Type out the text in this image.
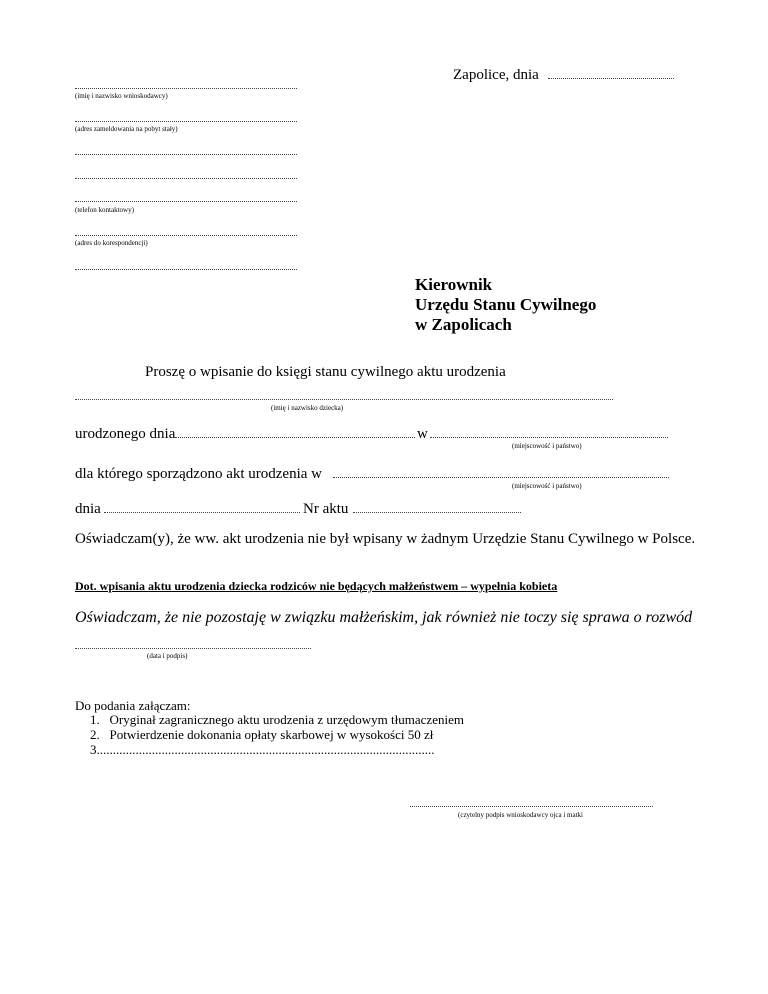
Zapolice, dnia
(imię i nazwisko wnioskodawcy)
(adres zameldowania na pobyt stały)
(telefon kontaktowy)
(adres do korespondencji)
Kierownik
Urzędu Stanu Cywilnego
w Zapolicach
Proszę o wpisanie do księgi stanu cywilnego aktu urodzenia
(imię i nazwisko dziecka)
urodzonego dnia	w
(miejscowość i państwo)
dla którego sporządzono akt urodzenia w
(miejscowość i państwo)
dnia	Nr aktu
Oświadczam(y), że ww. akt urodzenia nie był wpisany w żadnym Urzędzie Stanu Cywilnego w Polsce.
Dot. wpisania aktu urodzenia dziecka rodziców nie będących małżeństwem – wypełnia kobieta
Oświadczam, że nie pozostaję w związku małżeńskim, jak również nie toczy się sprawa o rozwód
(data i podpis)
Do podania załączam:
1.   Oryginał zagranicznego aktu urodzenia z urzędowym tłumaczeniem
2.   Potwierdzenie dokonania opłaty skarbowej w wysokości 50 zł
3........................................................................................................
(czytelny podpis wnioskodawcy ojca i matki
